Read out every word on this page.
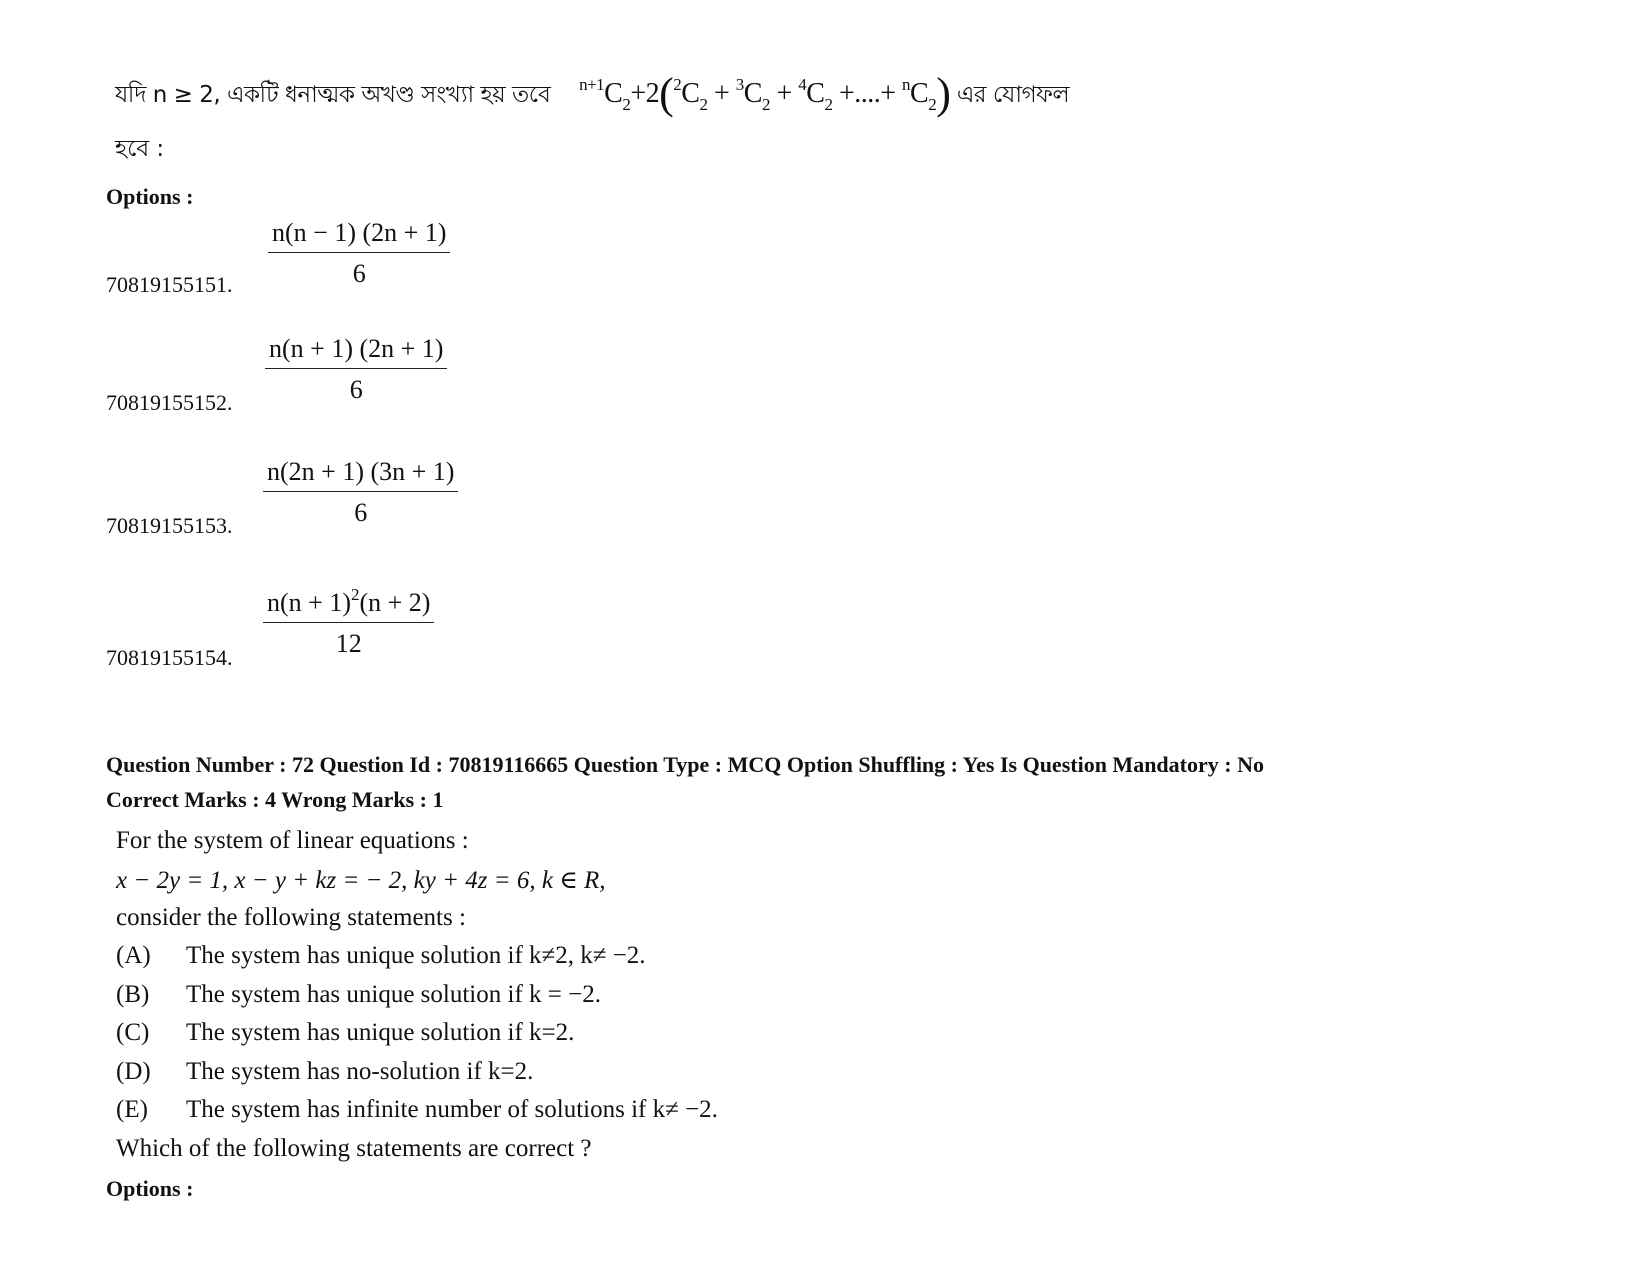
যদি n ≥ 2, একটি ধনাত্মক অখণ্ড সংখ্যা হয় তবে $^{n+1}C_2+2(^2C_2 + ^3C_2 + ^4C_2$ +....+ $^nC_2$) এর যোগফল
হবে :
Options :
70819155151. $\frac{n(n - 1) (2n + 1)}{6}$
70819155152. $\frac{n(n + 1) (2n + 1)}{6}$
70819155153. $\frac{n(2n + 1) (3n + 1)}{6}$
70819155154. $\frac{n(n + 1)^2(n + 2)}{12}$
Question Number : 72 Question Id : 70819116665 Question Type : MCQ Option Shuffling : Yes Is Question Mandatory : No
Correct Marks : 4 Wrong Marks : 1
For the system of linear equations :
x − 2y = 1, x − y + kz = − 2, ky + 4z = 6, k ∈ R,
consider the following statements :
(A) The system has unique solution if k≠2, k≠ −2.
(B) The system has unique solution if k = −2.
(C) The system has unique solution if k=2.
(D) The system has no-solution if k=2.
(E) The system has infinite number of solutions if k≠ −2.
Which of the following statements are correct ?
Options :
